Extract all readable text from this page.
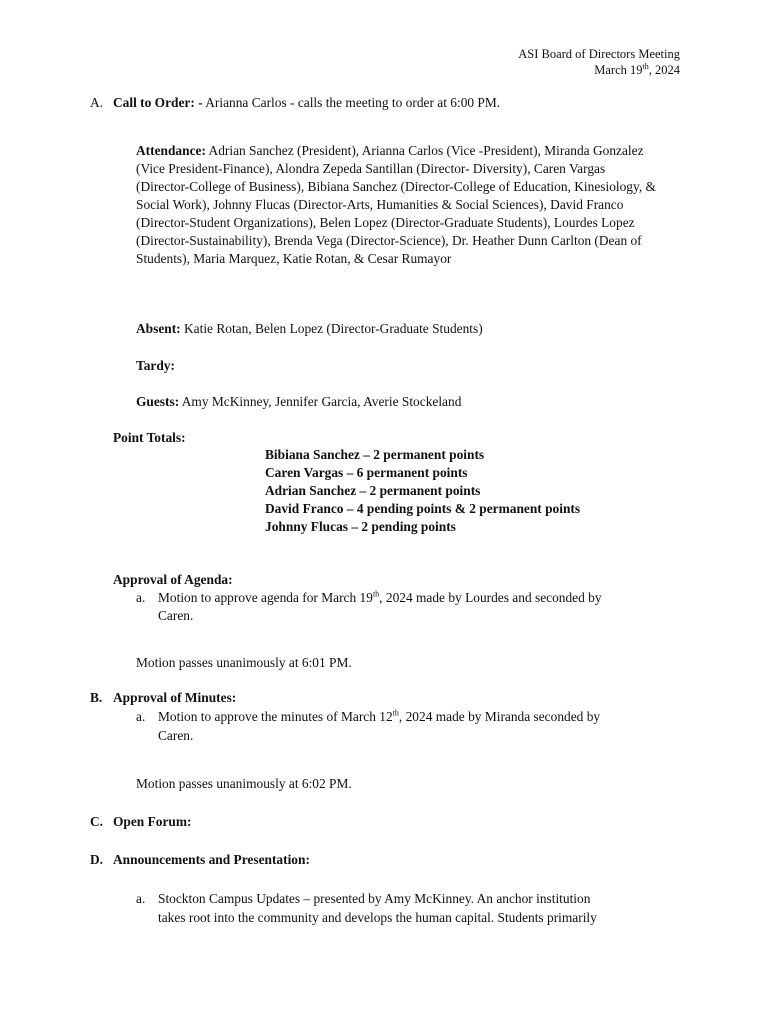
ASI Board of Directors Meeting
March 19th, 2024
A. Call to Order: - Arianna Carlos - calls the meeting to order at 6:00 PM.
Attendance: Adrian Sanchez (President), Arianna Carlos (Vice -President), Miranda Gonzalez (Vice President-Finance), Alondra Zepeda Santillan (Director- Diversity), Caren Vargas (Director-College of Business), Bibiana Sanchez (Director-College of Education, Kinesiology, & Social Work), Johnny Flucas (Director-Arts, Humanities & Social Sciences), David Franco (Director-Student Organizations), Belen Lopez (Director-Graduate Students), Lourdes Lopez (Director-Sustainability), Brenda Vega (Director-Science), Dr. Heather Dunn Carlton (Dean of Students), Maria Marquez, Katie Rotan, & Cesar Rumayor
Absent: Katie Rotan, Belen Lopez (Director-Graduate Students)
Tardy:
Guests: Amy McKinney, Jennifer Garcia, Averie Stockeland
Point Totals:
Bibiana Sanchez – 2 permanent points
Caren Vargas – 6 permanent points
Adrian Sanchez – 2 permanent points
David Franco – 4 pending points & 2 permanent points
Johnny Flucas – 2 pending points
Approval of Agenda:
a. Motion to approve agenda for March 19th, 2024 made by Lourdes and seconded by
Caren.
Motion passes unanimously at 6:01 PM.
B. Approval of Minutes:
a. Motion to approve the minutes of March 12th, 2024 made by Miranda seconded by
Caren.
Motion passes unanimously at 6:02 PM.
C. Open Forum:
D. Announcements and Presentation:
a. Stockton Campus Updates – presented by Amy McKinney. An anchor institution
takes root into the community and develops the human capital. Students primarily
